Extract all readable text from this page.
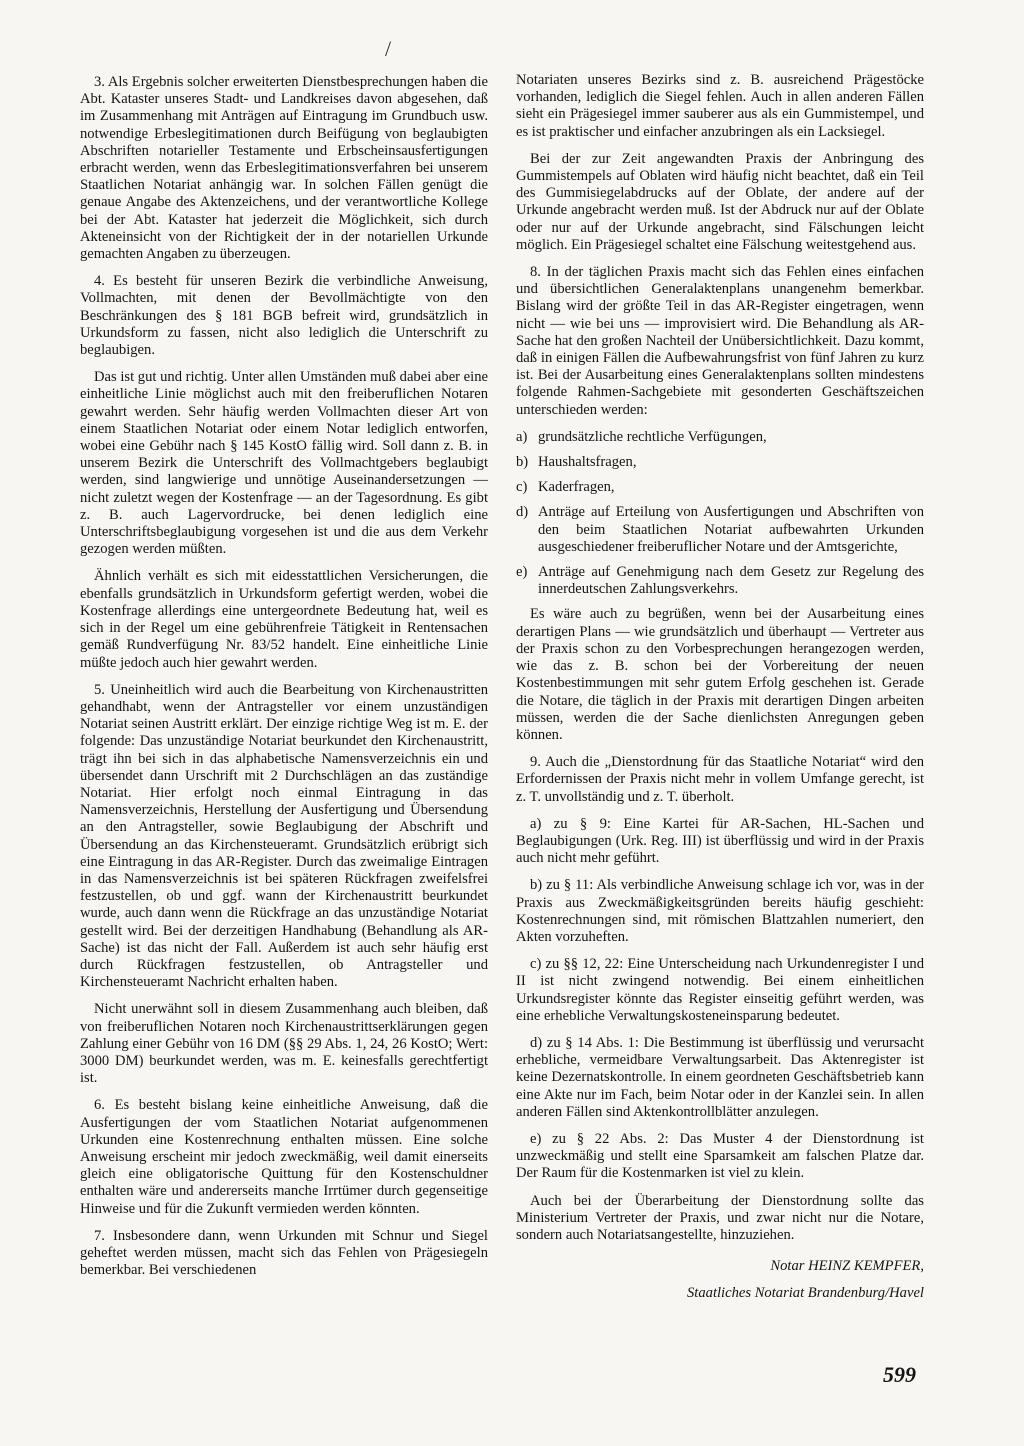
/

3. Als Ergebnis solcher erweiterten Dienstbesprechungen haben die Abt. Kataster unseres Stadt- und Landkreises davon abgesehen, daß im Zusammenhang mit Anträgen auf Eintragung im Grundbuch usw. notwendige Erbeslegitimationen durch Beifügung von beglaubigten Abschriften notarieller Testamente und Erbscheinsausfertigungen erbracht werden, wenn das Erbeslegitimationsverfahren bei unserem Staatlichen Notariat anhängig war. In solchen Fällen genügt die genaue Angabe des Aktenzeichens, und der verantwortliche Kollege bei der Abt. Kataster hat jederzeit die Möglichkeit, sich durch Akteneinsicht von der Richtigkeit der in der notariellen Urkunde gemachten Angaben zu überzeugen.

4. Es besteht für unseren Bezirk die verbindliche Anweisung, Vollmachten, mit denen der Bevollmächtigte von den Beschränkungen des § 181 BGB befreit wird, grundsätzlich in Urkundsform zu fassen, nicht also lediglich die Unterschrift zu beglaubigen.

Das ist gut und richtig. Unter allen Umständen muß dabei aber eine einheitliche Linie möglichst auch mit den freiberuflichen Notaren gewahrt werden. Sehr häufig werden Vollmachten dieser Art von einem Staatlichen Notariat oder einem Notar lediglich entworfen, wobei eine Gebühr nach § 145 KostO fällig wird. Soll dann z. B. in unserem Bezirk die Unterschrift des Vollmachtgebers beglaubigt werden, sind langwierige und unnötige Auseinandersetzungen — nicht zuletzt wegen der Kostenfrage — an der Tagesordnung. Es gibt z. B. auch Lagervordrucke, bei denen lediglich eine Unterschriftsbeglaubigung vorgesehen ist und die aus dem Verkehr gezogen werden müßten.

Ähnlich verhält es sich mit eidesstattlichen Versicherungen, die ebenfalls grundsätzlich in Urkundsform gefertigt werden, wobei die Kostenfrage allerdings eine untergeordnete Bedeutung hat, weil es sich in der Regel um eine gebührenfreie Tätigkeit in Rentensachen gemäß Rundverfügung Nr. 83/52 handelt. Eine einheitliche Linie müßte jedoch auch hier gewahrt werden.

5. Uneinheitlich wird auch die Bearbeitung von Kirchenaustritten gehandhabt, wenn der Antragsteller vor einem unzuständigen Notariat seinen Austritt erklärt. Der einzige richtige Weg ist m. E. der folgende: Das unzuständige Notariat beurkundet den Kirchenaustritt, trägt ihn bei sich in das alphabetische Namensverzeichnis ein und übersendet dann Urschrift mit 2 Durchschlägen an das zuständige Notariat. Hier erfolgt noch einmal Eintragung in das Namensverzeichnis, Herstellung der Ausfertigung und Übersendung an den Antragsteller, sowie Beglaubigung der Abschrift und Übersendung an das Kirchensteueramt. Grundsätzlich erübrigt sich eine Eintragung in das AR-Register. Durch das zweimalige Eintragen in das Namensverzeichnis ist bei späteren Rückfragen zweifelsfrei festzustellen, ob und ggf. wann der Kirchenaustritt beurkundet wurde, auch dann wenn die Rückfrage an das unzuständige Notariat gestellt wird. Bei der derzeitigen Handhabung (Behandlung als AR-Sache) ist das nicht der Fall. Außerdem ist auch sehr häufig erst durch Rückfragen festzustellen, ob Antragsteller und Kirchensteueramt Nachricht erhalten haben.

Nicht unerwähnt soll in diesem Zusammenhang auch bleiben, daß von freiberuflichen Notaren noch Kirchenaustrittserklärungen gegen Zahlung einer Gebühr von 16 DM (§§ 29 Abs. 1, 24, 26 KostO; Wert: 3000 DM) beurkundet werden, was m. E. keinesfalls gerechtfertigt ist.

6. Es besteht bislang keine einheitliche Anweisung, daß die Ausfertigungen der vom Staatlichen Notariat aufgenommenen Urkunden eine Kostenrechnung enthalten müssen. Eine solche Anweisung erscheint mir jedoch zweckmäßig, weil damit einerseits gleich eine obligatorische Quittung für den Kostenschuldner enthalten wäre und andererseits manche Irrtümer durch gegenseitige Hinweise und für die Zukunft vermieden werden könnten.

7. Insbesondere dann, wenn Urkunden mit Schnur und Siegel geheftet werden müssen, macht sich das Fehlen von Prägesiegeln bemerkbar. Bei verschiedenen

Notariaten unseres Bezirks sind z. B. ausreichend Prägestöcke vorhanden, lediglich die Siegel fehlen. Auch in allen anderen Fällen sieht ein Prägesiegel immer sauberer aus als ein Gummistempel, und es ist praktischer und einfacher anzubringen als ein Lacksiegel.

Bei der zur Zeit angewandten Praxis der Anbringung des Gummistempels auf Oblaten wird häufig nicht beachtet, daß ein Teil des Gummisiegelabdrucks auf der Oblate, der andere auf der Urkunde angebracht werden muß. Ist der Abdruck nur auf der Oblate oder nur auf der Urkunde angebracht, sind Fälschungen leicht möglich. Ein Prägesiegel schaltet eine Fälschung weitestgehend aus.

8. In der täglichen Praxis macht sich das Fehlen eines einfachen und übersichtlichen Generalaktenplans unangenehm bemerkbar. Bislang wird der größte Teil in das AR-Register eingetragen, wenn nicht — wie bei uns — improvisiert wird. Die Behandlung als AR-Sache hat den großen Nachteil der Unübersichtlichkeit. Dazu kommt, daß in einigen Fällen die Aufbewahrungsfrist von fünf Jahren zu kurz ist. Bei der Ausarbeitung eines Generalaktenplans sollten mindestens folgende Rahmen-Sachgebiete mit gesonderten Geschäftszeichen unterschieden werden:

a) grundsätzliche rechtliche Verfügungen,
b) Haushaltsfragen,
c) Kaderfragen,
d) Anträge auf Erteilung von Ausfertigungen und Abschriften von den beim Staatlichen Notariat aufbewahrten Urkunden ausgeschiedener freiberuflicher Notare und der Amtsgerichte,
e) Anträge auf Genehmigung nach dem Gesetz zur Regelung des innerdeutschen Zahlungsverkehrs.

Es wäre auch zu begrüßen, wenn bei der Ausarbeitung eines derartigen Plans — wie grundsätzlich und überhaupt — Vertreter aus der Praxis schon zu den Vorbesprechungen herangezogen werden, wie das z. B. schon bei der Vorbereitung der neuen Kostenbestimmungen mit sehr gutem Erfolg geschehen ist. Gerade die Notare, die täglich in der Praxis mit derartigen Dingen arbeiten müssen, werden die der Sache dienlichsten Anregungen geben können.

9. Auch die „Dienstordnung für das Staatliche Notariat“ wird den Erfordernissen der Praxis nicht mehr in vollem Umfange gerecht, ist z. T. unvollständig und z. T. überholt.

a) zu § 9: Eine Kartei für AR-Sachen, HL-Sachen und Beglaubigungen (Urk. Reg. III) ist überflüssig und wird in der Praxis auch nicht mehr geführt.

b) zu § 11: Als verbindliche Anweisung schlage ich vor, was in der Praxis aus Zweckmäßigkeitsgründen bereits häufig geschieht: Kostenrechnungen sind, mit römischen Blattzahlen numeriert, den Akten vorzuheften.

c) zu §§ 12, 22: Eine Unterscheidung nach Urkundenregister I und II ist nicht zwingend notwendig. Bei einem einheitlichen Urkundsregister könnte das Register einseitig geführt werden, was eine erhebliche Verwaltungskosteneinsparung bedeutet.

d) zu § 14 Abs. 1: Die Bestimmung ist überflüssig und verursacht erhebliche, vermeidbare Verwaltungsarbeit. Das Aktenregister ist keine Dezernatskontrolle. In einem geordneten Geschäftsbetrieb kann eine Akte nur im Fach, beim Notar oder in der Kanzlei sein. In allen anderen Fällen sind Aktenkontrollblätter anzulegen.

e) zu § 22 Abs. 2: Das Muster 4 der Dienstordnung ist unzweckmäßig und stellt eine Sparsamkeit am falschen Platze dar. Der Raum für die Kostenmarken ist viel zu klein.

Auch bei der Überarbeitung der Dienstordnung sollte das Ministerium Vertreter der Praxis, und zwar nicht nur die Notare, sondern auch Notariatsangestellte, hinzuziehen.

Notar HEINZ KEMPFER,

Staatliches Notariat Brandenburg/Havel

599
